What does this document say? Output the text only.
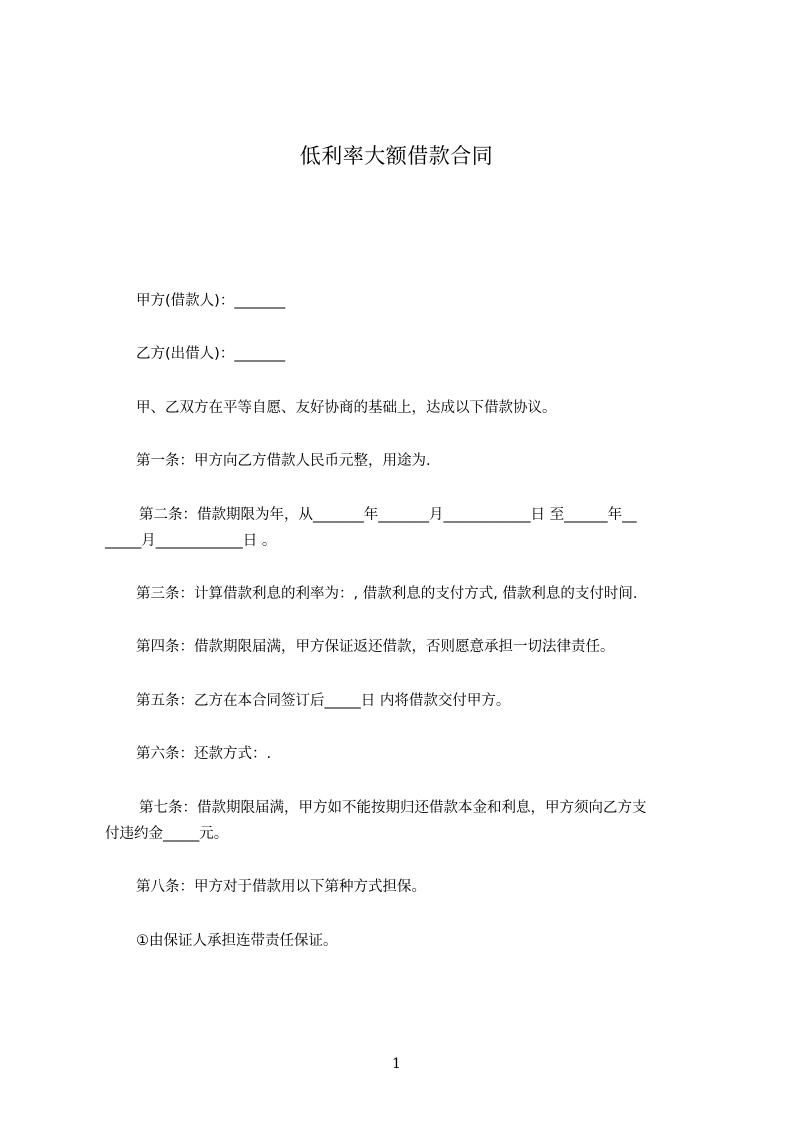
低利率大额借款合同
甲方(借款人)：_______
乙方(出借人)：_______
甲、乙双方在平等自愿、友好协商的基础上，达成以下借款协议。
第一条：甲方向乙方借款人民币元整，用途为.
第二条：借款期限为年，从_______年_______月____________日 至______年__
_____月____________日 。
第三条：计算借款利息的利率为：, 借款利息的支付方式, 借款利息的支付时间.
第四条：借款期限届满，甲方保证返还借款，否则愿意承担一切法律责任。
第五条：乙方在本合同签订后_____日 内将借款交付甲方。
第六条：还款方式：.
第七条：借款期限届满，甲方如不能按期归还借款本金和利息，甲方须向乙方支
付违约金_____元。
第八条：甲方对于借款用以下第种方式担保。
①由保证人承担连带责任保证。
1
